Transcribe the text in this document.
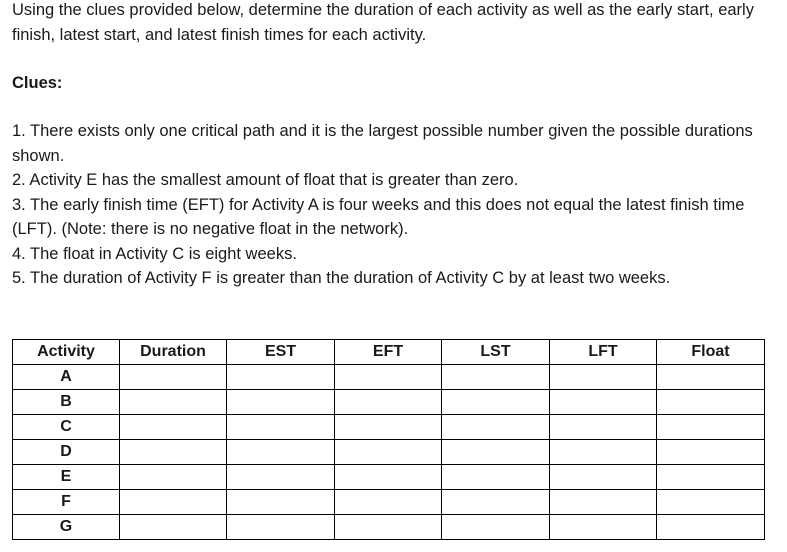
Using the clues provided below, determine the duration of each activity as well as the early start, early finish, latest start, and latest finish times for each activity.

Clues:

1. There exists only one critical path and it is the largest possible number given the possible durations shown.
2. Activity E has the smallest amount of float that is greater than zero.
3. The early finish time (EFT) for Activity A is four weeks and this does not equal the latest finish time (LFT). (Note: there is no negative float in the network).
4. The float in Activity C is eight weeks.
5. The duration of Activity F is greater than the duration of Activity C by at least two weeks.
Activity	Duration	EST	EFT	LST	LFT	Float
A						
B						
C						
D						
E						
F						
G						
